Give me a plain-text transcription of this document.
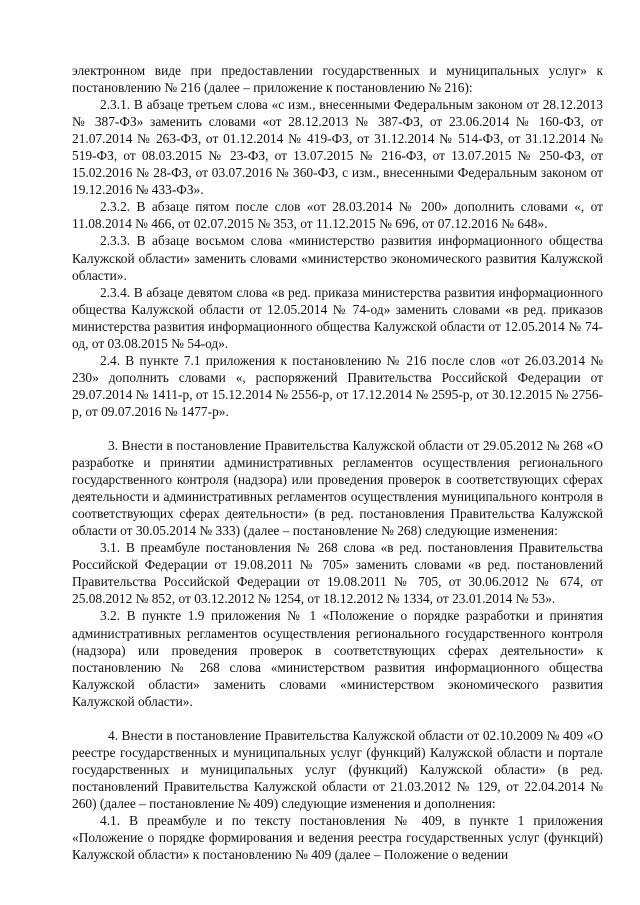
электронном виде при предоставлении государственных и муниципальных услуг» к постановлению № 216 (далее – приложение к постановлению № 216):

2.3.1. В абзаце третьем слова «с изм., внесенными Федеральным законом от 28.12.2013 № 387-ФЗ» заменить словами «от 28.12.2013 № 387-ФЗ, от 23.06.2014 № 160-ФЗ, от 21.07.2014 № 263-ФЗ, от 01.12.2014 № 419-ФЗ, от 31.12.2014 № 514-ФЗ, от 31.12.2014 № 519-ФЗ, от 08.03.2015 № 23-ФЗ, от 13.07.2015 № 216-ФЗ, от 13.07.2015 № 250-ФЗ, от 15.02.2016 № 28-ФЗ, от 03.07.2016 № 360-ФЗ, с изм., внесенными Федеральным законом от 19.12.2016 № 433-ФЗ».

2.3.2. В абзаце пятом после слов «от 28.03.2014 № 200» дополнить словами «, от 11.08.2014 № 466, от 02.07.2015 № 353, от 11.12.2015 № 696, от 07.12.2016 № 648».

2.3.3. В абзаце восьмом слова «министерство развития информационного общества Калужской области» заменить словами «министерство экономического развития Калужской области».

2.3.4. В абзаце девятом слова «в ред. приказа министерства развития информационного общества Калужской области от 12.05.2014 № 74-од» заменить словами «в ред. приказов министерства развития информационного общества Калужской области от 12.05.2014 № 74-од, от 03.08.2015 № 54-од».

2.4. В пункте 7.1 приложения к постановлению № 216 после слов «от 26.03.2014 № 230» дополнить словами «, распоряжений Правительства Российской Федерации от 29.07.2014 № 1411-р, от 15.12.2014 № 2556-р, от 17.12.2014 № 2595-р, от 30.12.2015 № 2756-р, от 09.07.2016 № 1477-р».

3. Внести в постановление Правительства Калужской области от 29.05.2012 № 268 «О разработке и принятии административных регламентов осуществления регионального государственного контроля (надзора) или проведения проверок в соответствующих сферах деятельности и административных регламентов осуществления муниципального контроля в соответствующих сферах деятельности» (в ред. постановления Правительства Калужской области от 30.05.2014 № 333) (далее – постановление № 268) следующие изменения:

3.1. В преамбуле постановления № 268 слова «в ред. постановления Правительства Российской Федерации от 19.08.2011 № 705» заменить словами «в ред. постановлений Правительства Российской Федерации от 19.08.2011 № 705, от 30.06.2012 № 674, от 25.08.2012 № 852, от 03.12.2012 № 1254, от 18.12.2012 № 1334, от 23.01.2014 № 53».

3.2. В пункте 1.9 приложения № 1 «Положение о порядке разработки и принятия административных регламентов осуществления регионального государственного контроля (надзора) или проведения проверок в соответствующих сферах деятельности» к постановлению № 268 слова «министерством развития информационного общества Калужской области» заменить словами «министерством экономического развития Калужской области».

4. Внести в постановление Правительства Калужской области от 02.10.2009 № 409 «О реестре государственных и муниципальных услуг (функций) Калужской области и портале государственных и муниципальных услуг (функций) Калужской области» (в ред. постановлений Правительства Калужской области от 21.03.2012 № 129, от 22.04.2014 № 260) (далее – постановление № 409) следующие изменения и дополнения:

4.1. В преамбуле и по тексту постановления № 409, в пункте 1 приложения «Положение о порядке формирования и ведения реестра государственных услуг (функций) Калужской области» к постановлению № 409 (далее – Положение о ведении
